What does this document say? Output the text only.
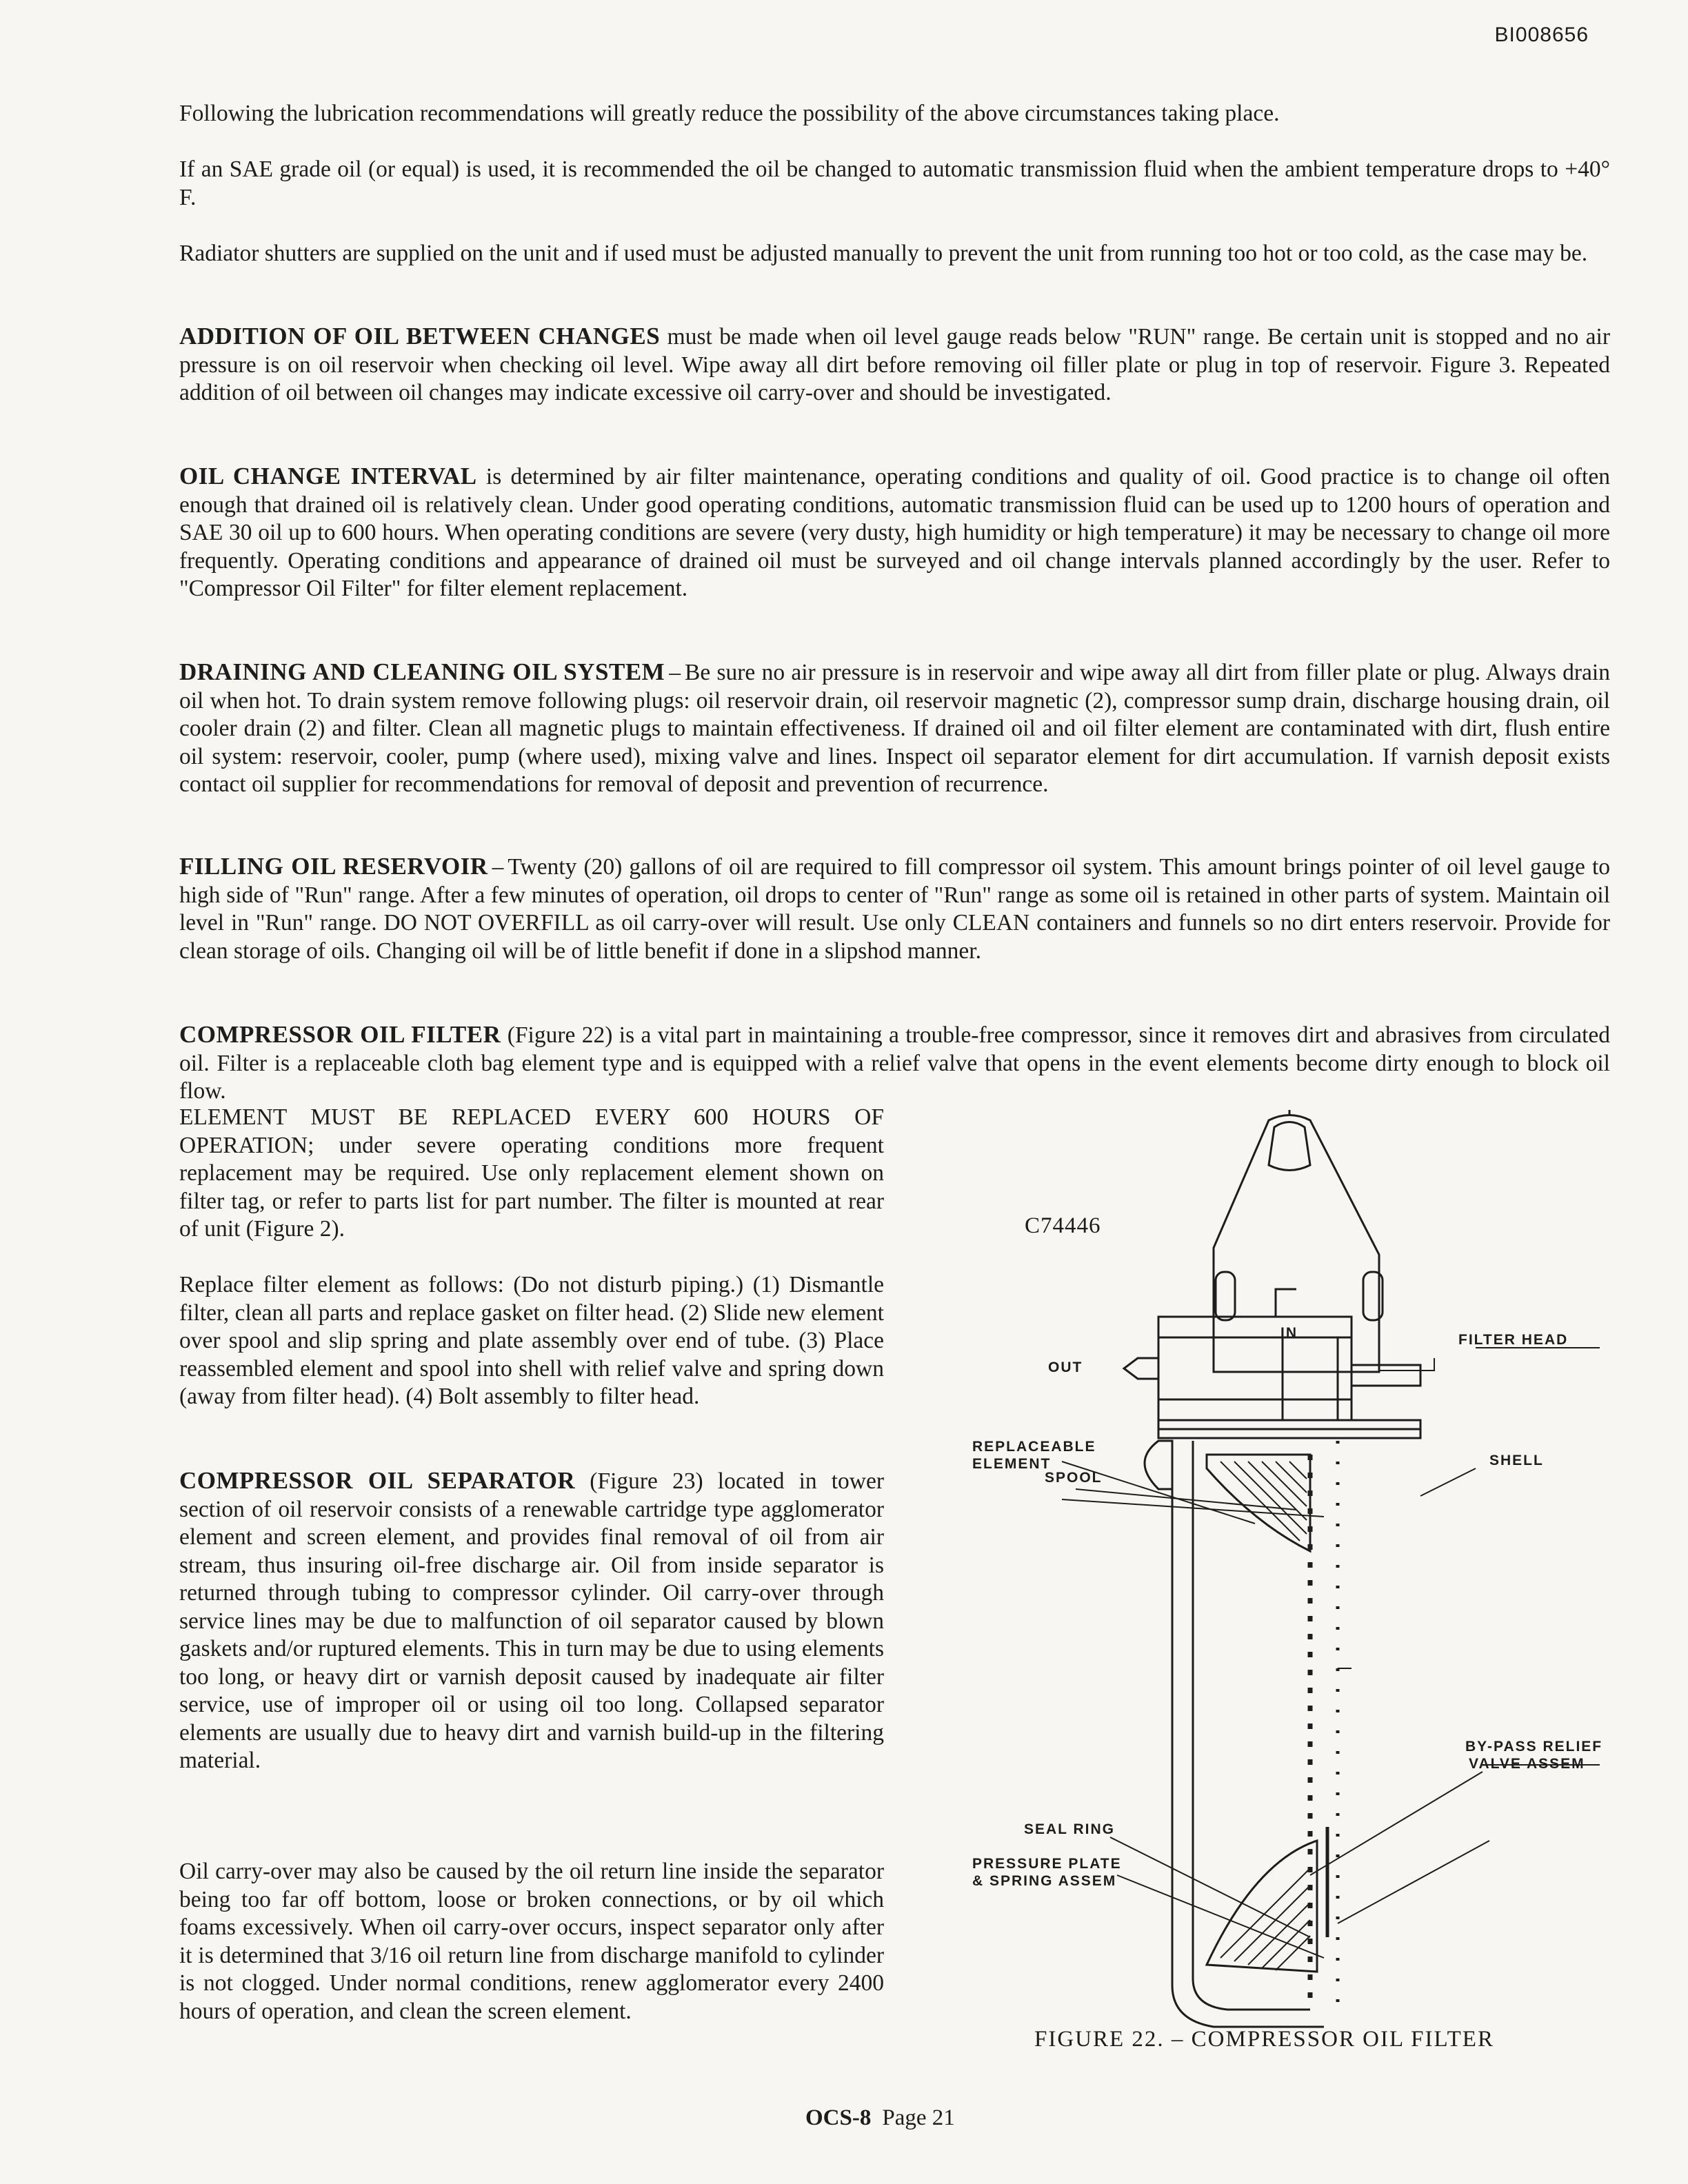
BI008656

Following the lubrication recommendations will greatly reduce the possibility of the above circumstances taking place.

If an SAE grade oil (or equal) is used, it is recommended the oil be changed to automatic transmission fluid when the ambient temperature drops to +40° F.

Radiator shutters are supplied on the unit and if used must be adjusted manually to prevent the unit from running too hot or too cold, as the case may be.

ADDITION OF OIL BETWEEN CHANGES must be made when oil level gauge reads below "RUN" range. Be certain unit is stopped and no air pressure is on oil reservoir when checking oil level. Wipe away all dirt before removing oil filler plate or plug in top of reservoir. Figure 3. Repeated addition of oil between oil changes may indicate excessive oil carry-over and should be investigated.

OIL CHANGE INTERVAL is determined by air filter maintenance, operating conditions and quality of oil. Good practice is to change oil often enough that drained oil is relatively clean. Under good operating conditions, automatic transmission fluid can be used up to 1200 hours of operation and SAE 30 oil up to 600 hours. When operating conditions are severe (very dusty, high humidity or high temperature) it may be necessary to change oil more frequently. Operating conditions and appearance of drained oil must be surveyed and oil change intervals planned accordingly by the user. Refer to "Compressor Oil Filter" for filter element replacement.

DRAINING AND CLEANING OIL SYSTEM – Be sure no air pressure is in reservoir and wipe away all dirt from filler plate or plug. Always drain oil when hot. To drain system remove following plugs: oil reservoir drain, oil reservoir magnetic (2), compressor sump drain, discharge housing drain, oil cooler drain (2) and filter. Clean all magnetic plugs to maintain effectiveness. If drained oil and oil filter element are contaminated with dirt, flush entire oil system: reservoir, cooler, pump (where used), mixing valve and lines. Inspect oil separator element for dirt accumulation. If varnish deposit exists contact oil supplier for recommendations for removal of deposit and prevention of recurrence.

FILLING OIL RESERVOIR – Twenty (20) gallons of oil are required to fill compressor oil system. This amount brings pointer of oil level gauge to high side of "Run" range. After a few minutes of operation, oil drops to center of "Run" range as some oil is retained in other parts of system. Maintain oil level in "Run" range. DO NOT OVERFILL as oil carry-over will result. Use only CLEAN containers and funnels so no dirt enters reservoir. Provide for clean storage of oils. Changing oil will be of little benefit if done in a slipshod manner.

COMPRESSOR OIL FILTER (Figure 22) is a vital part in maintaining a trouble-free compressor, since it removes dirt and abrasives from circulated oil. Filter is a replaceable cloth bag element type and is equipped with a relief valve that opens in the event elements become dirty enough to block oil flow.

ELEMENT MUST BE REPLACED EVERY 600 HOURS OF OPERATION; under severe operating conditions more frequent replacement may be required. Use only replacement element shown on filter tag, or refer to parts list for part number. The filter is mounted at rear of unit (Figure 2).

Replace filter element as follows: (Do not disturb piping.) (1) Dismantle filter, clean all parts and replace gasket on filter head. (2) Slide new element over spool and slip spring and plate assembly over end of tube. (3) Place reassembled element and spool into shell with relief valve and spring down (away from filter head). (4) Bolt assembly to filter head.

COMPRESSOR OIL SEPARATOR (Figure 23) located in tower section of oil reservoir consists of a renewable cartridge type agglomerator element and screen element, and provides final removal of oil from air stream, thus insuring oil-free discharge air. Oil from inside separator is returned through tubing to compressor cylinder. Oil carry-over through service lines may be due to malfunction of oil separator caused by blown gaskets and/or ruptured elements. This in turn may be due to using elements too long, or heavy dirt or varnish deposit caused by inadequate air filter service, use of improper oil or using oil too long. Collapsed separator elements are usually due to heavy dirt and varnish build-up in the filtering material.

Oil carry-over may also be caused by the oil return line inside the separator being too far off bottom, loose or broken connections, or by oil which foams excessively. When oil carry-over occurs, inspect separator only after it is determined that 3/16 oil return line from discharge manifold to cylinder is not clogged. Under normal conditions, renew agglomerator every 2400 hours of operation, and clean the screen element.

C74446
IN
OUT
FILTER HEAD
REPLACEABLE
ELEMENT
SPOOL
SHELL
BY-PASS RELIEF
VALVE ASSEM
SEAL RING
PRESSURE PLATE
& SPRING ASSEM
FIGURE 22. – COMPRESSOR OIL FILTER
OCS-8 Page 21
